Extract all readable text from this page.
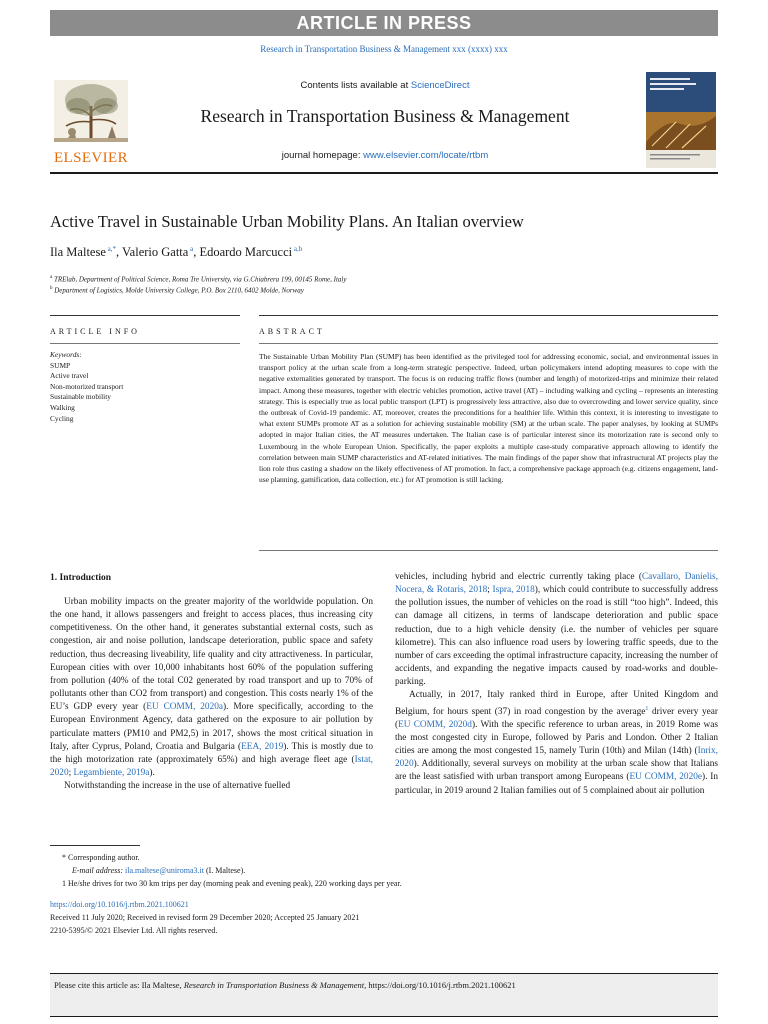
ARTICLE IN PRESS
Research in Transportation Business & Management xxx (xxxx) xxx
ELSEVIER
Contents lists available at ScienceDirect
Research in Transportation Business & Management
journal homepage: www.elsevier.com/locate/rtbm
Active Travel in Sustainable Urban Mobility Plans. An Italian overview
Ila Maltese $^{a,*}$, Valerio Gatta $^a$, Edoardo Marcucci $^{a,b}$
$^a$ TRElab, Department of Political Science, Roma Tre University, via G.Chiabrera 199, 00145 Rome, Italy
$^b$ Department of Logistics, Molde University College, P.O. Box 2110, 6402 Molde, Norway
ARTICLE INFO	ABSTRACT
Keywords:
SUMP
Active travel
Non-motorized transport
Sustainable mobility
Walking
Cycling
The Sustainable Urban Mobility Plan (SUMP) has been identified as the privileged tool for addressing economic, social, and environmental issues in transport policy at the urban scale from a long-term strategic perspective. Indeed, urban policymakers intend adopting measures to cope with the negative externalities generated by transport. The focus is on reducing traffic flows (number and length) of motorized-trips and minimize their related impact. Among these measures, together with electric vehicles promotion, active travel (AT) – including walking and cycling – represents an interesting strategy. This is especially true as local public transport (LPT) is progressively less attractive, also due to overcrowding and lower service quality, since the outbreak of Covid-19 pandemic. AT, moreover, creates the preconditions for a healthier life. Within this context, it is interesting to investigate to what extent SUMPs promote AT as a solution for achieving sustainable mobility (SM) at the urban scale. The paper analyses, by looking at SUMPs adopted in major Italian cities, the AT measures undertaken. The Italian case is of particular interest since its motorization rate is second only to Luxembourg in the whole European Union. Specifically, the paper exploits a multiple case-study comparative approach allowing to identify the correlation between main SUMP characteristics and AT-related initiatives. The main findings of the paper show that infrastructural AT projects play the lion role thus casting a shadow on the likely effectiveness of AT promotion. In fact, a comprehensive package approach (e.g. citizens engagement, land-use planning, gamification, data collection, etc.) for AT promotion is still lacking.
1. Introduction

Urban mobility impacts on the greater majority of the worldwide population. On the one hand, it allows passengers and freight to access places, thus increasing city competitiveness. On the other hand, it generates substantial external costs, such as congestion, air and noise pollution, landscape deterioration, public space and safety reduction, thus decreasing liveability, life quality and city attractiveness. In particular, European cities with over 10,000 inhabitants host 60% of the population suffering from pollution (40% of the total C02 generated by road transport and up to 70% of pollutants other than CO2 from transport) and congestion. This costs nearly 1% of the EU’s GDP every year (EU COMM, 2020a). More specifically, according to the European Environment Agency, data gathered on the exposure to air pollution by particulate matters (PM10 and PM2,5) in 2017, shows the most critical situation in Italy, after Cyprus, Poland, Croatia and Bulgaria (EEA, 2019). This is mostly due to the high motorization rate (approximately 65%) and high average fleet age (Istat, 2020; Legambiente, 2019a).

Notwithstanding the increase in the use of alternative fuelled

vehicles, including hybrid and electric currently taking place (Cavallaro, Danielis, Nocera, & Rotaris, 2018; Ispra, 2018), which could contribute to successfully address the pollution issues, the number of vehicles on the road is still “too high”. Indeed, this can damage all citizens, in terms of landscape deterioration and public space reduction, due to a high vehicle density (i.e. the number of vehicles per square kilometre). This can also influence road users by lowering traffic speeds, due to the number of cars exceeding the optimal infrastructure capacity, increasing the number of accidents, and expanding the negative impacts caused by road-works and double-parking.

Actually, in 2017, Italy ranked third in Europe, after United Kingdom and Belgium, for hours spent (37) in road congestion by the average$^1$ driver every year (EU COMM, 2020d). With the specific reference to urban areas, in 2019 Rome was the most congested city in Europe, followed by Paris and London. Other 2 Italian cities are among the most congested 15, namely Turin (10th) and Milan (14th) (Inrix, 2020). Additionally, several surveys on mobility at the urban scale show that Italians are the least satisfied with urban transport among Europeans (EU COMM, 2020e). In particular, in 2019 around 2 Italian families out of 5 complained about air pollution

* Corresponding author.
E-mail address: ila.maltese@uniroma3.it (I. Maltese).
1 He/she drives for two 30 km trips per day (morning peak and evening peak), 220 working days per year.
https://doi.org/10.1016/j.rtbm.2021.100621
Received 11 July 2020; Received in revised form 29 December 2020; Accepted 25 January 2021
2210-5395/© 2021 Elsevier Ltd. All rights reserved.
Please cite this article as: Ila Maltese, Research in Transportation Business & Management, https://doi.org/10.1016/j.rtbm.2021.100621
